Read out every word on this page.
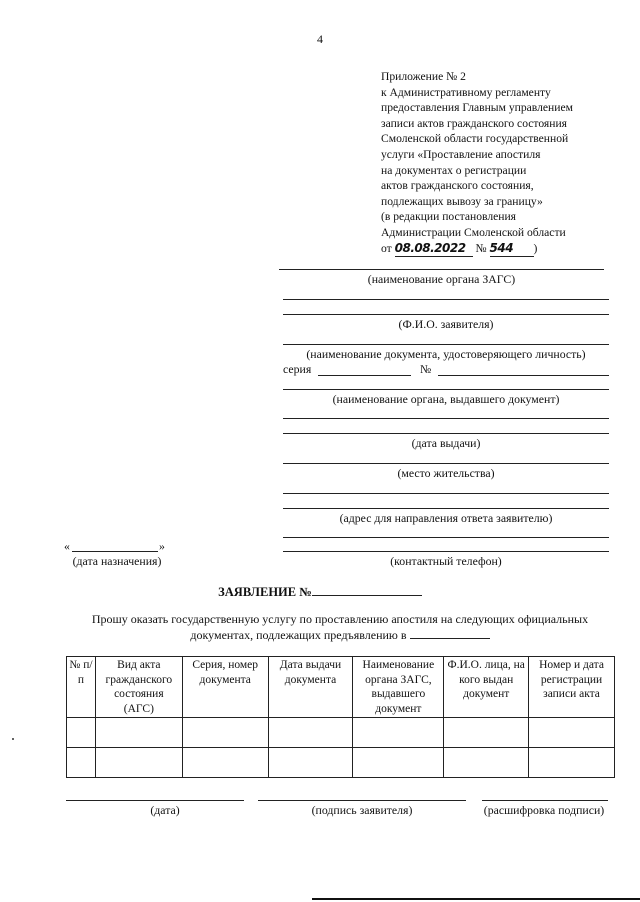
4
Приложение № 2
к Административному регламенту
предоставления Главным управлением
записи актов гражданского состояния
Смоленской области государственной
услуги «Проставление апостиля
на документах о регистрации
актов гражданского состояния,
подлежащих вывозу за границу»
(в редакции постановления
Администрации Смоленской области
от 08.08.2022 № 544 )
(наименование органа ЗАГС)
(Ф.И.О. заявителя)
(наименование документа, удостоверяющего личность)
серия	№
(наименование органа, выдавшего документ)
(дата выдачи)
(место жительства)
(адрес для направления ответа заявителю)
(контактный телефон)
«	»
(дата назначения)
ЗАЯВЛЕНИЕ №
Прошу оказать государственную услугу по проставлению апостиля на следующих официальных
документах, подлежащих предъявлению в
№ п/п	Вид акта гражданского состояния (АГС)	Серия, номер документа	Дата выдачи документа	Наименование органа ЗАГС, выдавшего документ	Ф.И.О. лица, на кого выдан документ	Номер и дата регистрации записи акта

(дата)	(подпись заявителя)	(расшифровка подписи)
